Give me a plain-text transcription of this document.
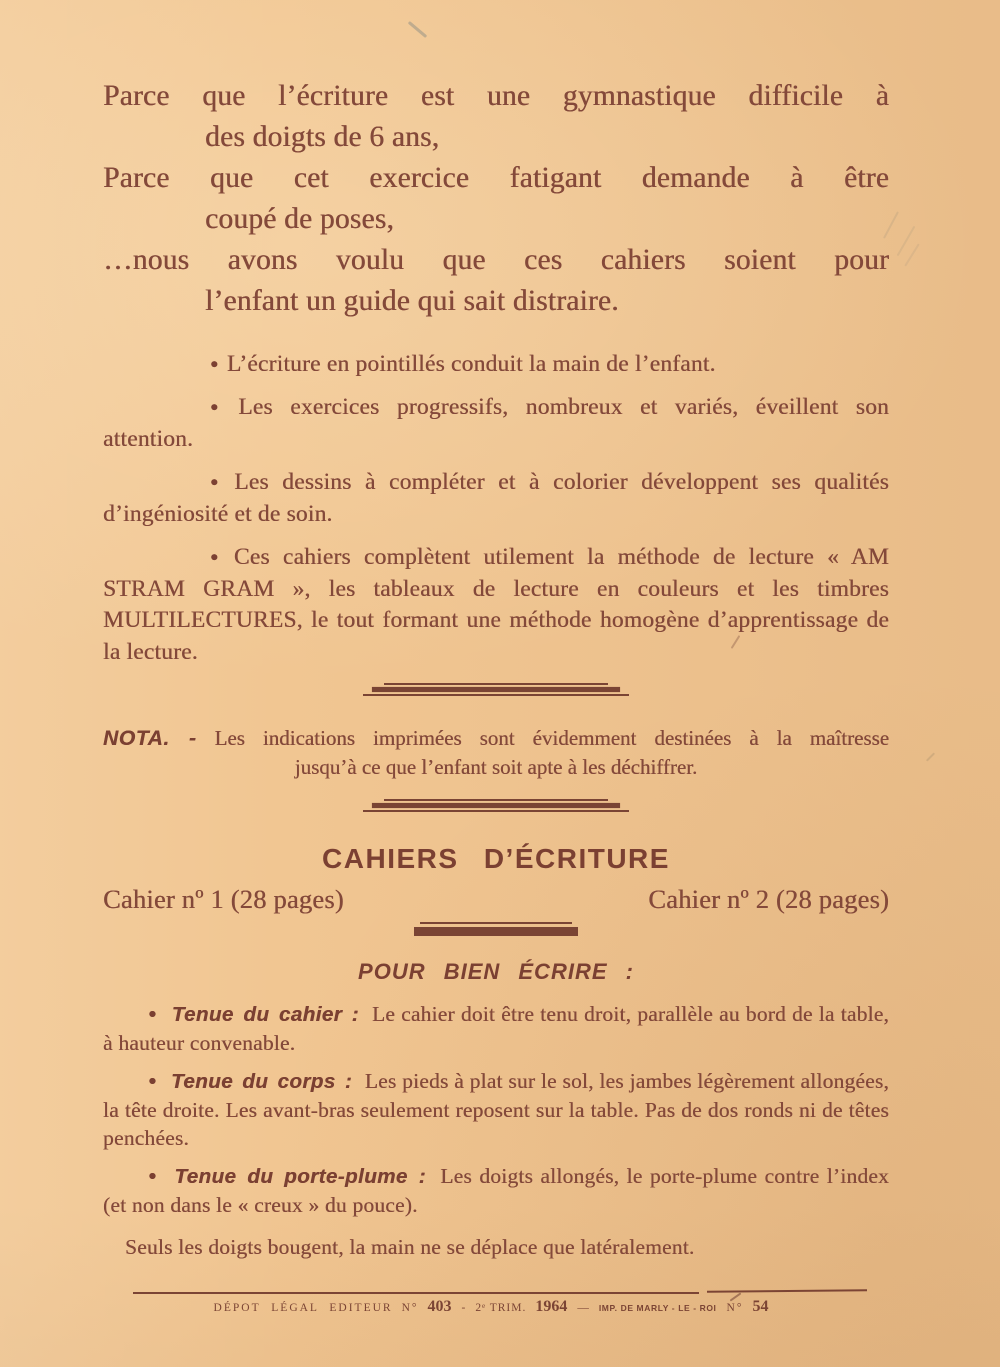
Parce que l’écriture est une gymnastique difficile à
des doigts de 6 ans,
Parce que cet exercice fatigant demande à être
coupé de poses,
…nous avons voulu que ces cahiers soient pour
l’enfant un guide qui sait distraire.

● L’écriture en pointillés conduit la main de l’enfant.

● Les exercices progressifs, nombreux et variés, éveillent son attention.

● Les dessins à compléter et à colorier développent ses qualités d’ingéniosité et de soin.

● Ces cahiers complètent utilement la méthode de lecture « AM STRAM GRAM », les tableaux de lecture en couleurs et les timbres MULTILECTURES, le tout formant une méthode homogène d’apprentissage de la lecture.

NOTA. - Les indications imprimées sont évidemment destinées à la maîtresse
jusqu’à ce que l’enfant soit apte à les déchiffrer.
CAHIERS D’ÉCRITURE
Cahier nº 1 (28 pages)	Cahier nº 2 (28 pages)
POUR BIEN ÉCRIRE :

● Tenue du cahier : Le cahier doit être tenu droit, parallèle au bord de la table, à hauteur convenable.

● Tenue du corps : Les pieds à plat sur le sol, les jambes légèrement allongées, la tête droite. Les avant-bras seulement reposent sur la table. Pas de dos ronds ni de têtes penchées.

● Tenue du porte-plume : Les doigts allongés, le porte-plume contre l’index (et non dans le « creux » du pouce).

Seuls les doigts bougent, la main ne se déplace que latéralement.

DÉPOT LÉGAL EDITEUR N° 403 - 2ᵉ TRIM. 1964 — IMP. DE MARLY - LE - ROI N° 54
